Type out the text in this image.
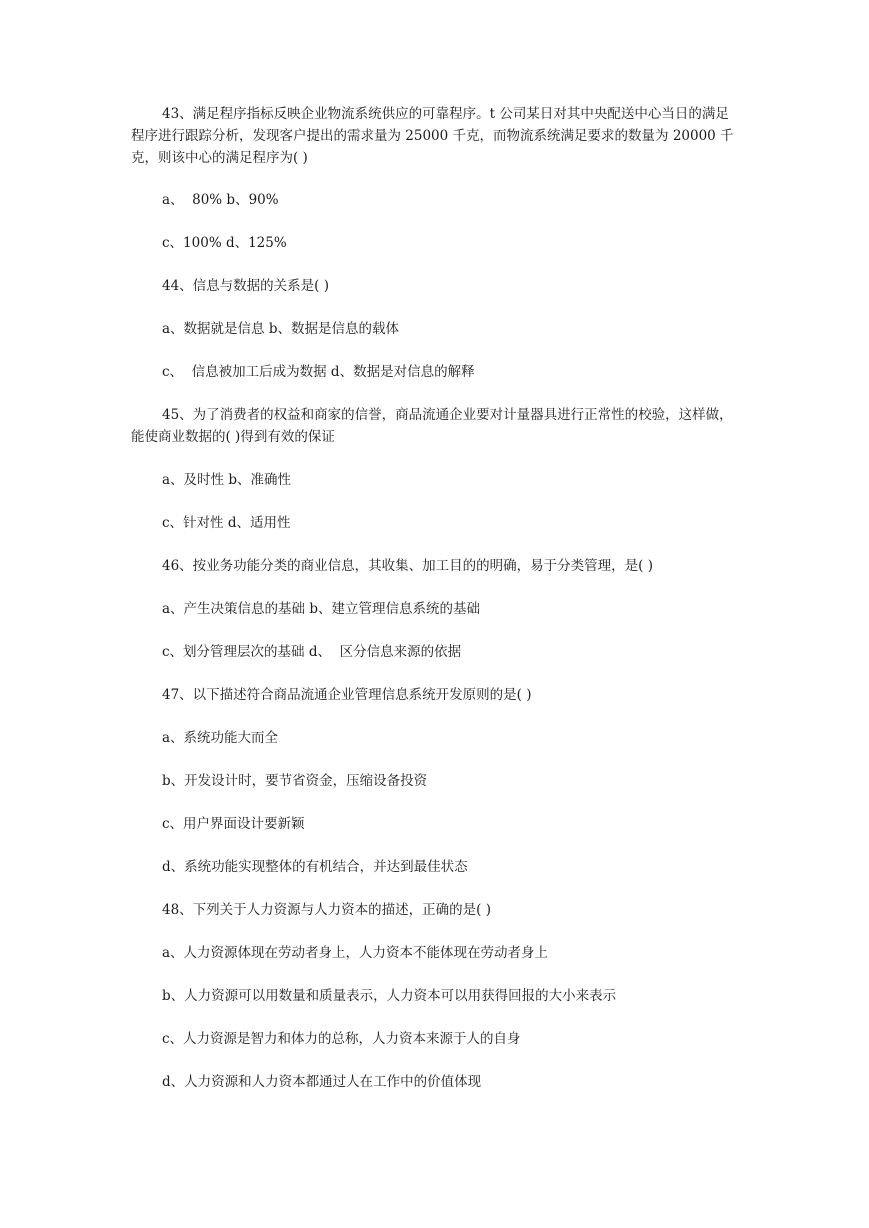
43、满足程序指标反映企业物流系统供应的可靠程序。t 公司某日对其中央配送中心当日的满足程序进行跟踪分析，发现客户提出的需求量为 25000 千克，而物流系统满足要求的数量为 20000 千克，则该中心的满足程序为( )

a、  80% b、90%

c、100% d、125%

44、信息与数据的关系是( )

a、数据就是信息 b、数据是信息的载体

c、  信息被加工后成为数据 d、数据是对信息的解释

45、为了消费者的权益和商家的信誉，商品流通企业要对计量器具进行正常性的校验，这样做，能使商业数据的( )得到有效的保证

a、及时性 b、准确性

c、针对性 d、适用性

46、按业务功能分类的商业信息，其收集、加工目的的明确，易于分类管理，是( )

a、产生决策信息的基础 b、建立管理信息系统的基础

c、划分管理层次的基础 d、  区分信息来源的依据

47、以下描述符合商品流通企业管理信息系统开发原则的是( )

a、系统功能大而全

b、开发设计时，要节省资金，压缩设备投资

c、用户界面设计要新颖

d、系统功能实现整体的有机结合，并达到最佳状态

48、下列关于人力资源与人力资本的描述，正确的是( )

a、人力资源体现在劳动者身上，人力资本不能体现在劳动者身上

b、人力资源可以用数量和质量表示，人力资本可以用获得回报的大小来表示

c、人力资源是智力和体力的总称，人力资本来源于人的自身

d、人力资源和人力资本都通过人在工作中的价值体现
